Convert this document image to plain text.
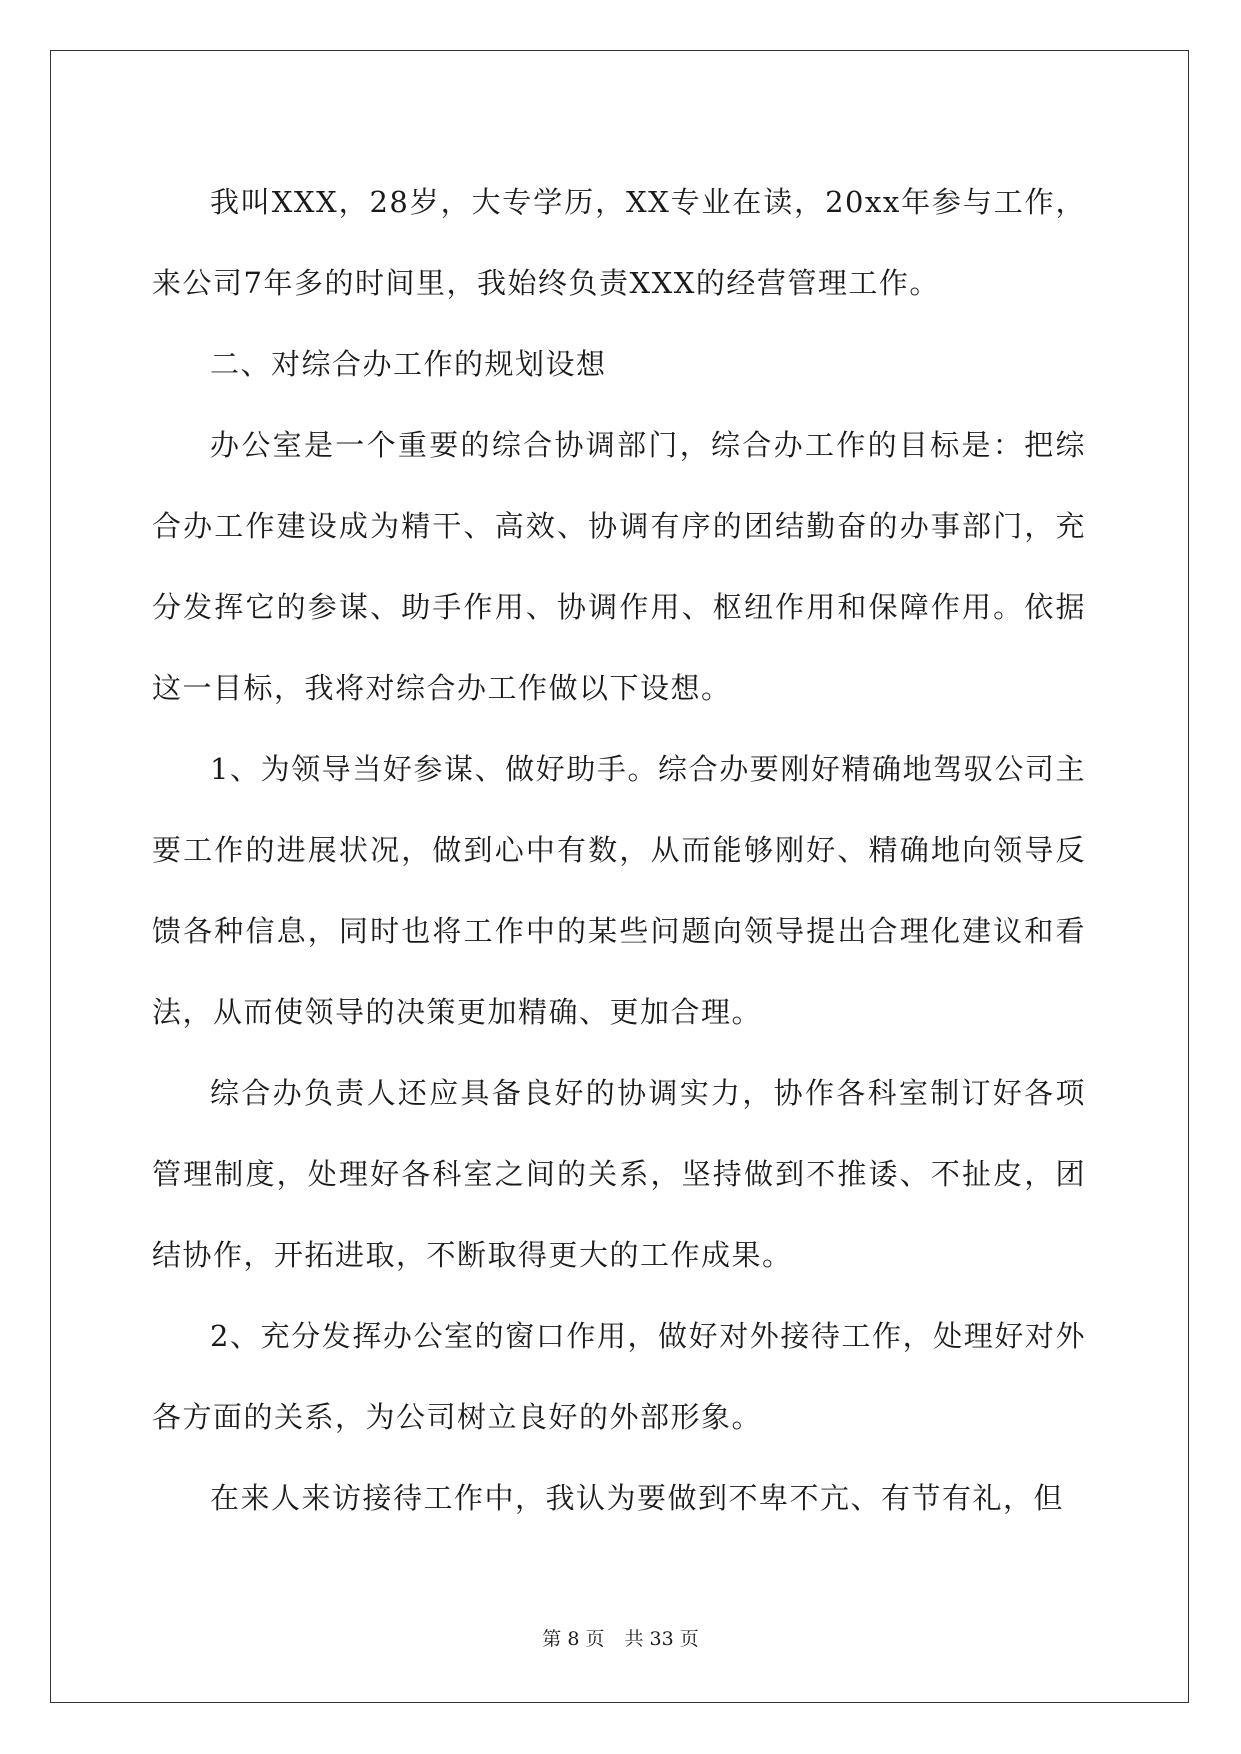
我叫XXX，28岁，大专学历，XX专业在读，20xx年参与工作，来公司7年多的时间里，我始终负责XXX的经营管理工作。

二、对综合办工作的规划设想

办公室是一个重要的综合协调部门，综合办工作的目标是：把综合办工作建设成为精干、高效、协调有序的团结勤奋的办事部门，充分发挥它的参谋、助手作用、协调作用、枢纽作用和保障作用。依据这一目标，我将对综合办工作做以下设想。

1、为领导当好参谋、做好助手。综合办要刚好精确地驾驭公司主要工作的进展状况，做到心中有数，从而能够刚好、精确地向领导反馈各种信息，同时也将工作中的某些问题向领导提出合理化建议和看法，从而使领导的决策更加精确、更加合理。

综合办负责人还应具备良好的协调实力，协作各科室制订好各项管理制度，处理好各科室之间的关系，坚持做到不推诿、不扯皮，团结协作，开拓进取，不断取得更大的工作成果。

2、充分发挥办公室的窗口作用，做好对外接待工作，处理好对外各方面的关系，为公司树立良好的外部形象。

在来人来访接待工作中，我认为要做到不卑不亢、有节有礼，但

第 8 页 共 33 页
